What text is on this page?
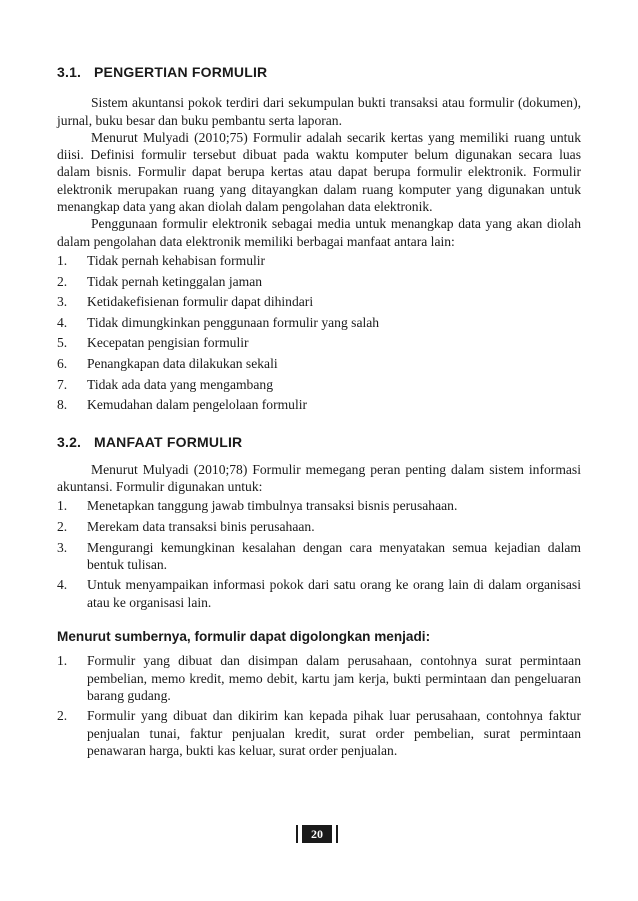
3.1. PENGERTIAN FORMULIR

Sistem akuntansi pokok terdiri dari sekumpulan bukti transaksi atau formulir (dokumen), jurnal, buku besar dan buku pembantu serta laporan.

Menurut Mulyadi (2010;75) Formulir adalah secarik kertas yang memiliki ruang untuk diisi. Definisi formulir tersebut dibuat pada waktu komputer belum digunakan secara luas dalam bisnis. Formulir dapat berupa kertas atau dapat berupa formulir elektronik. Formulir elektronik merupakan ruang yang ditayangkan dalam ruang komputer yang digunakan untuk menangkap data yang akan diolah dalam pengolahan data elektronik.

Penggunaan formulir elektronik sebagai media untuk menangkap data yang akan diolah dalam pengolahan data elektronik memiliki berbagai manfaat antara lain:

1. Tidak pernah kehabisan formulir
2. Tidak pernah ketinggalan jaman
3. Ketidakefisienan formulir dapat dihindari
4. Tidak dimungkinkan penggunaan formulir yang salah
5. Kecepatan pengisian formulir
6. Penangkapan data dilakukan sekali
7. Tidak ada data yang mengambang
8. Kemudahan dalam pengelolaan formulir
3.2. MANFAAT FORMULIR

Menurut Mulyadi (2010;78) Formulir memegang peran penting dalam sistem informasi akuntansi. Formulir digunakan untuk:

1. Menetapkan tanggung jawab timbulnya transaksi bisnis perusahaan.
2. Merekam data transaksi binis perusahaan.
3. Mengurangi kemungkinan kesalahan dengan cara menyatakan semua kejadian dalam bentuk tulisan.
4. Untuk menyampaikan informasi pokok dari satu orang ke orang lain di dalam organisasi atau ke organisasi lain.
Menurut sumbernya, formulir dapat digolongkan menjadi:
1. Formulir yang dibuat dan disimpan dalam perusahaan, contohnya surat permintaan pembelian, memo kredit, memo debit, kartu jam kerja, bukti permintaan dan pengeluaran barang gudang.
2. Formulir yang dibuat dan dikirim kan kepada pihak luar perusahaan, contohnya faktur penjualan tunai, faktur penjualan kredit, surat order pembelian, surat permintaan penawaran harga, bukti kas keluar, surat order penjualan.
20
